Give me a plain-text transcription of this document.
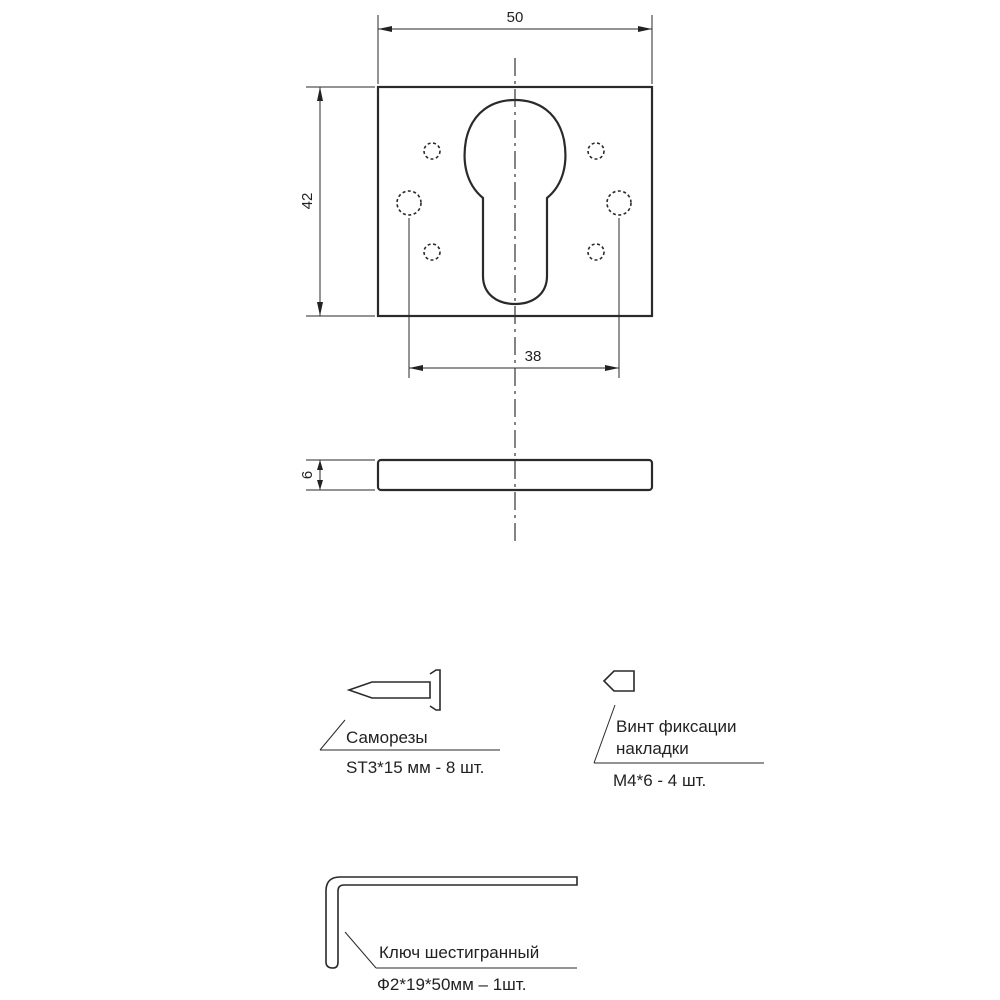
50
42
38
6
Саморезы
ST3*15 мм - 8 шт.
Винт фиксации
накладки
M4*6 - 4 шт.
Ключ шестигранный
Ф2*19*50мм – 1шт.
